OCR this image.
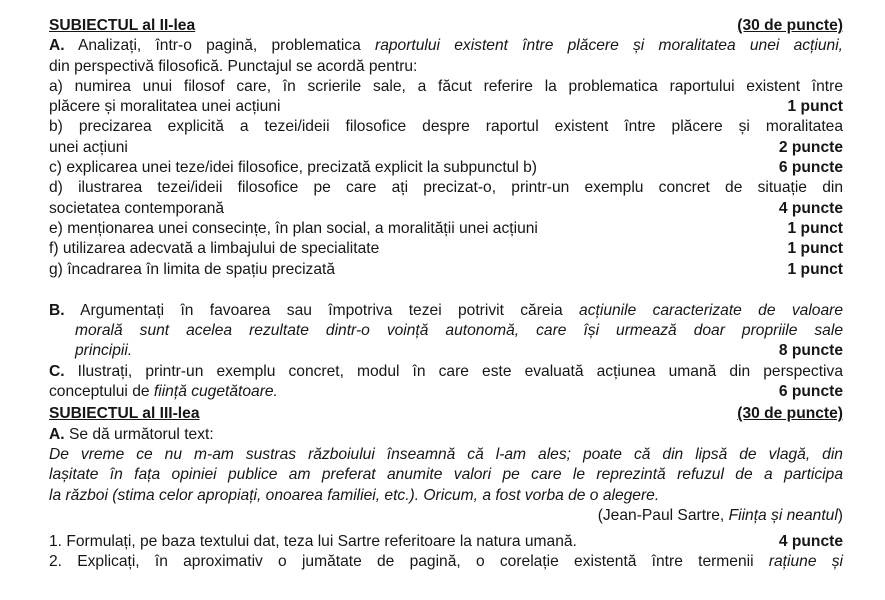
SUBIECTUL al II-lea	(30 de puncte)
A. Analizați, într-o pagină, problematica raportului existent între plăcere și moralitatea unei acțiuni,
din perspectivă filosofică. Punctajul se acordă pentru:
a) numirea unui filosof care, în scrierile sale, a făcut referire la problematica raportului existent între
plăcere și moralitatea unei acțiuni	1 punct
b) precizarea explicită a tezei/ideii filosofice despre raportul existent între plăcere și moralitatea
unei acțiuni	2 puncte
c) explicarea unei teze/idei filosofice, precizată explicit la subpunctul b)	6 puncte
d) ilustrarea tezei/ideii filosofice pe care ați precizat-o, printr-un exemplu concret de situație din
societatea contemporană	4 puncte
e) menționarea unei consecințe, în plan social, a moralității unei acțiuni	1 punct
f) utilizarea adecvată a limbajului de specialitate	1 punct
g) încadrarea în limita de spațiu precizată	1 punct
B. Argumentați în favoarea sau împotriva tezei potrivit căreia acțiunile caracterizate de valoare
morală sunt acelea rezultate dintr-o voință autonomă, care își urmează doar propriile sale
principii.	8 puncte
C. Ilustrați, printr-un exemplu concret, modul în care este evaluată acțiunea umană din perspectiva
conceptului de ființă cugetătoare.	6 puncte
SUBIECTUL al III-lea	(30 de puncte)
A. Se dă următorul text:
De vreme ce nu m-am sustras războiului înseamnă că l-am ales; poate că din lipsă de vlagă, din
lașitate în fața opiniei publice am preferat anumite valori pe care le reprezintă refuzul de a participa
la război (stima celor apropiați, onoarea familiei, etc.). Oricum, a fost vorba de o alegere.
(Jean-Paul Sartre, Ființa și neantul)
1. Formulați, pe baza textului dat, teza lui Sartre referitoare la natura umană.	4 puncte
2. Explicați, în aproximativ o jumătate de pagină, o corelație existentă între termenii rațiune și
